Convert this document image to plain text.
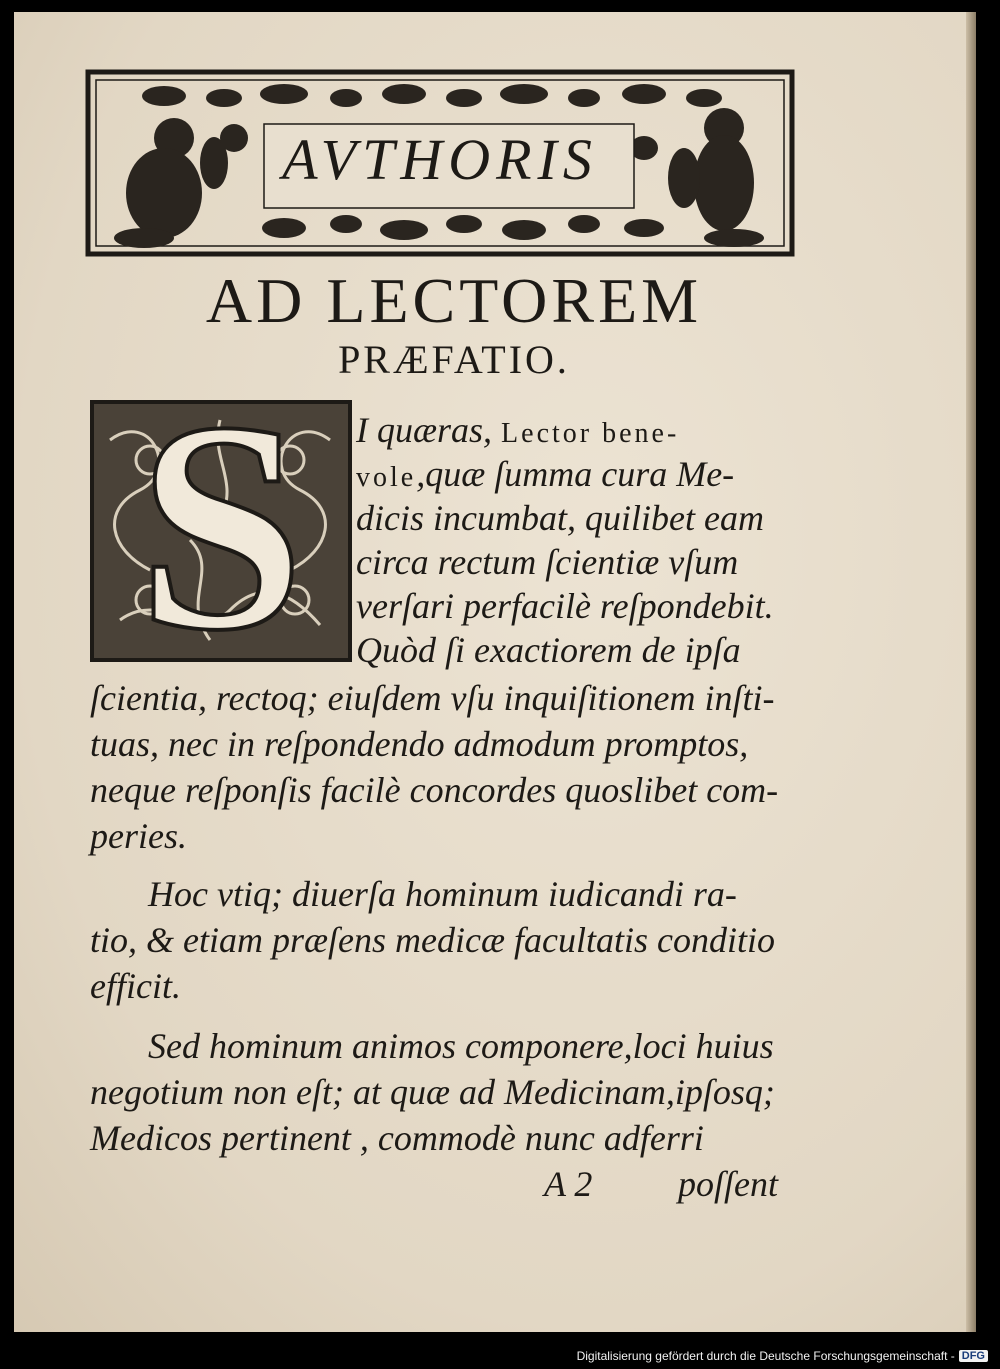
AVTHORIS
AD LECTOREM
PRÆFATIO.
S	I quæras, Lector bene-
vole,quæ ſumma cura Me-
dicis incumbat, quilibet eam
circa rectum ſcientiæ vſum
verſari perfacilè reſpondebit.
Quòd ſi exactiorem de ipſa
ſcientia, rectoq; eiuſdem vſu inquiſitionem inſti-
tuas, nec in reſpondendo admodum promptos,
neque reſponſis facilè concordes quoslibet com-
peries.
Hoc vtiq; diuerſa hominum iudicandi ra-
tio, & etiam præſens medicæ facultatis conditio
efficit.
Sed hominum animos componere,loci huius
negotium non eſt; at quæ ad Medicinam,ipſosq;
Medicos pertinent , commodè nunc adferri
A 2 poſſent
Digitalisierung gefördert durch die Deutsche Forschungsgemeinschaft - DFG
